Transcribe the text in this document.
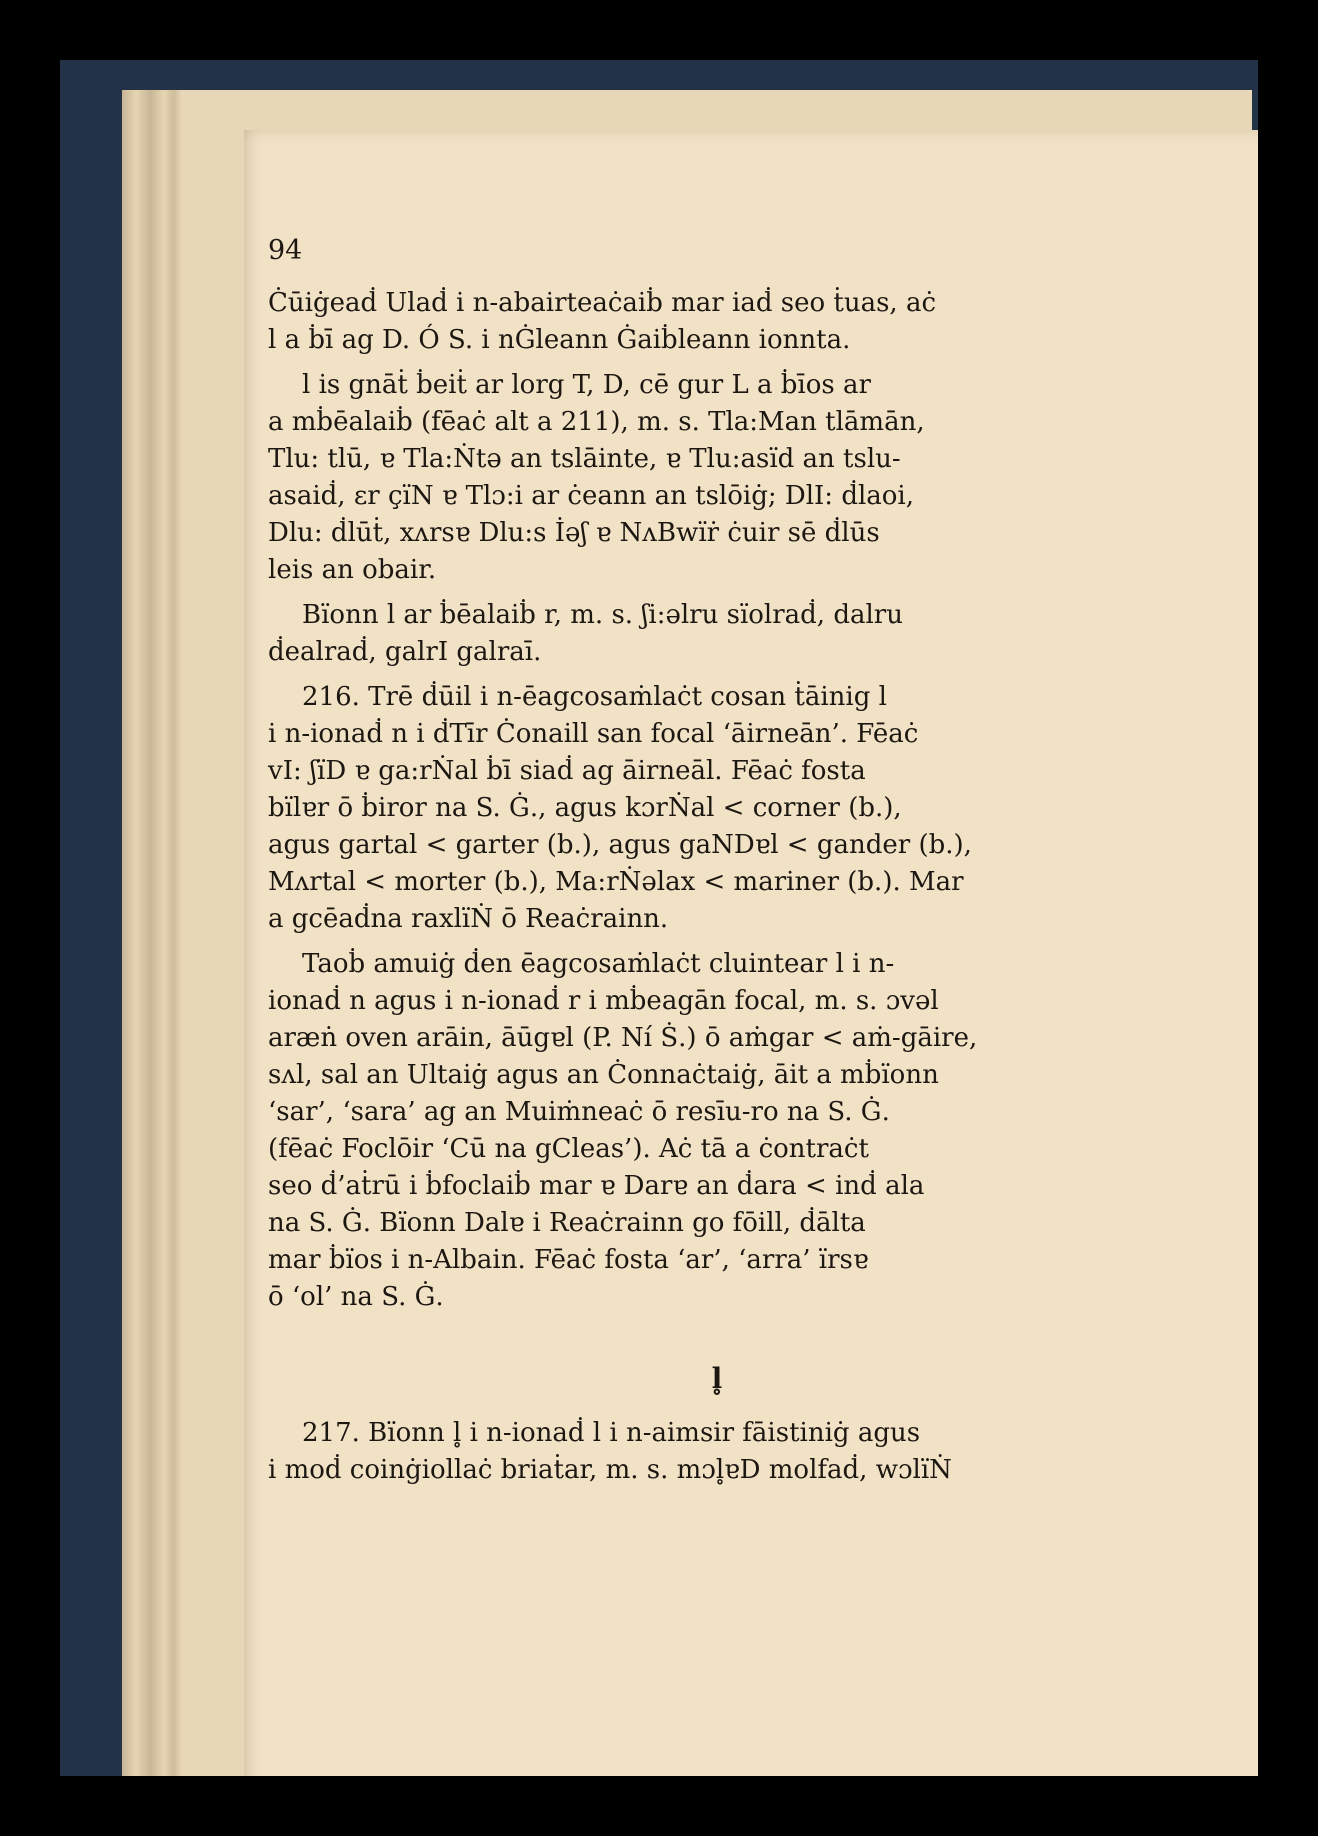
94

Ċūiġeaḋ Ulaḋ i n-abairteaċaiḃ mar iaḋ seo ṫuas, aċ

l a ḃī ag D. Ó S. i nĠleann Ġaiḃleann ionnta.

l is gnāṫ ḃeiṫ ar lorg T, D, cē gur L a ḃīos ar

a mḃēalaiḃ (fēaċ alt a 211), m. s. Tla:Man tlāmān,

Tlu: tlū, ɐ Tla:Ṅtə an tslāinte, ɐ Tlu:asïd an tslu-

asaiḋ, ɛr çïN ɐ Tlɔ:i ar ċeann an tslōiġ; DlI: ḋlaoi,

Dlu: ḋlūṫ, xʌrsɐ Dlu:s İəʃ ɐ NʌBwïṙ ċuir sē ḋlūs

leis an obair.

Bïonn l ar ḃēalaiḃ r, m. s. ʃi:əlru sïolraḋ, dalru

ḋealraḋ, galrI galraī.

216. Trē ḋūil i n-ēagcosaṁlaċt cosan ṫāinig l

i n-ionaḋ n i ḋTīr Ċonaill san focal ‘āirneān’. Fēaċ

vI: ʃïD ɐ ga:rṄal ḃī siaḋ ag āirneāl. Fēaċ fosta

bïlɐr ō ḃiror na S. Ġ., agus kɔrṄal < corner (b.),

agus gartal < garter (b.), agus gaNDɐl < gander (b.),

Mʌrtal < morter (b.), Ma:rṄəlax < mariner (b.). Mar

a gcēaḋna raxlïṄ ō Reaċrainn.

Taoḃ amuiġ ḋen ēagcosaṁlaċt cluintear l i n-

ionaḋ n agus i n-ionaḋ r i mḃeagān focal, m. s. ɔvəl

aræṅ oven arāin, āūgɐl (P. Ní Ṡ.) ō aṁgar < aṁ-gāire,

sʌl, sal an Ultaiġ agus an Ċonnaċtaiġ, āit a mḃïonn

‘sar’, ‘sara’ ag an Muiṁneaċ ō resīu-ro na S. Ġ.

(fēaċ Foclōir ‘Cū na gCleas’). Aċ tā a ċontraċt

seo ḋ’aṫrū i ḃfoclaiḃ mar ɐ Darɐ an ḋara < inḋ ala

na S. Ġ. Bïonn Dalɐ i Reaċrainn go fōill, ḋālta

mar ḃïos i n-Albain. Fēaċ fosta ‘ar’, ‘arra’ ïrsɐ

ō ‘ol’ na S. Ġ.

l̥

217. Bïonn l̥ i n-ionaḋ l i n-aimsir fāistiniġ agus

i moḋ coinġiollaċ briaṫar, m. s. mɔl̥ɐD molfaḋ, wɔlïṄ
